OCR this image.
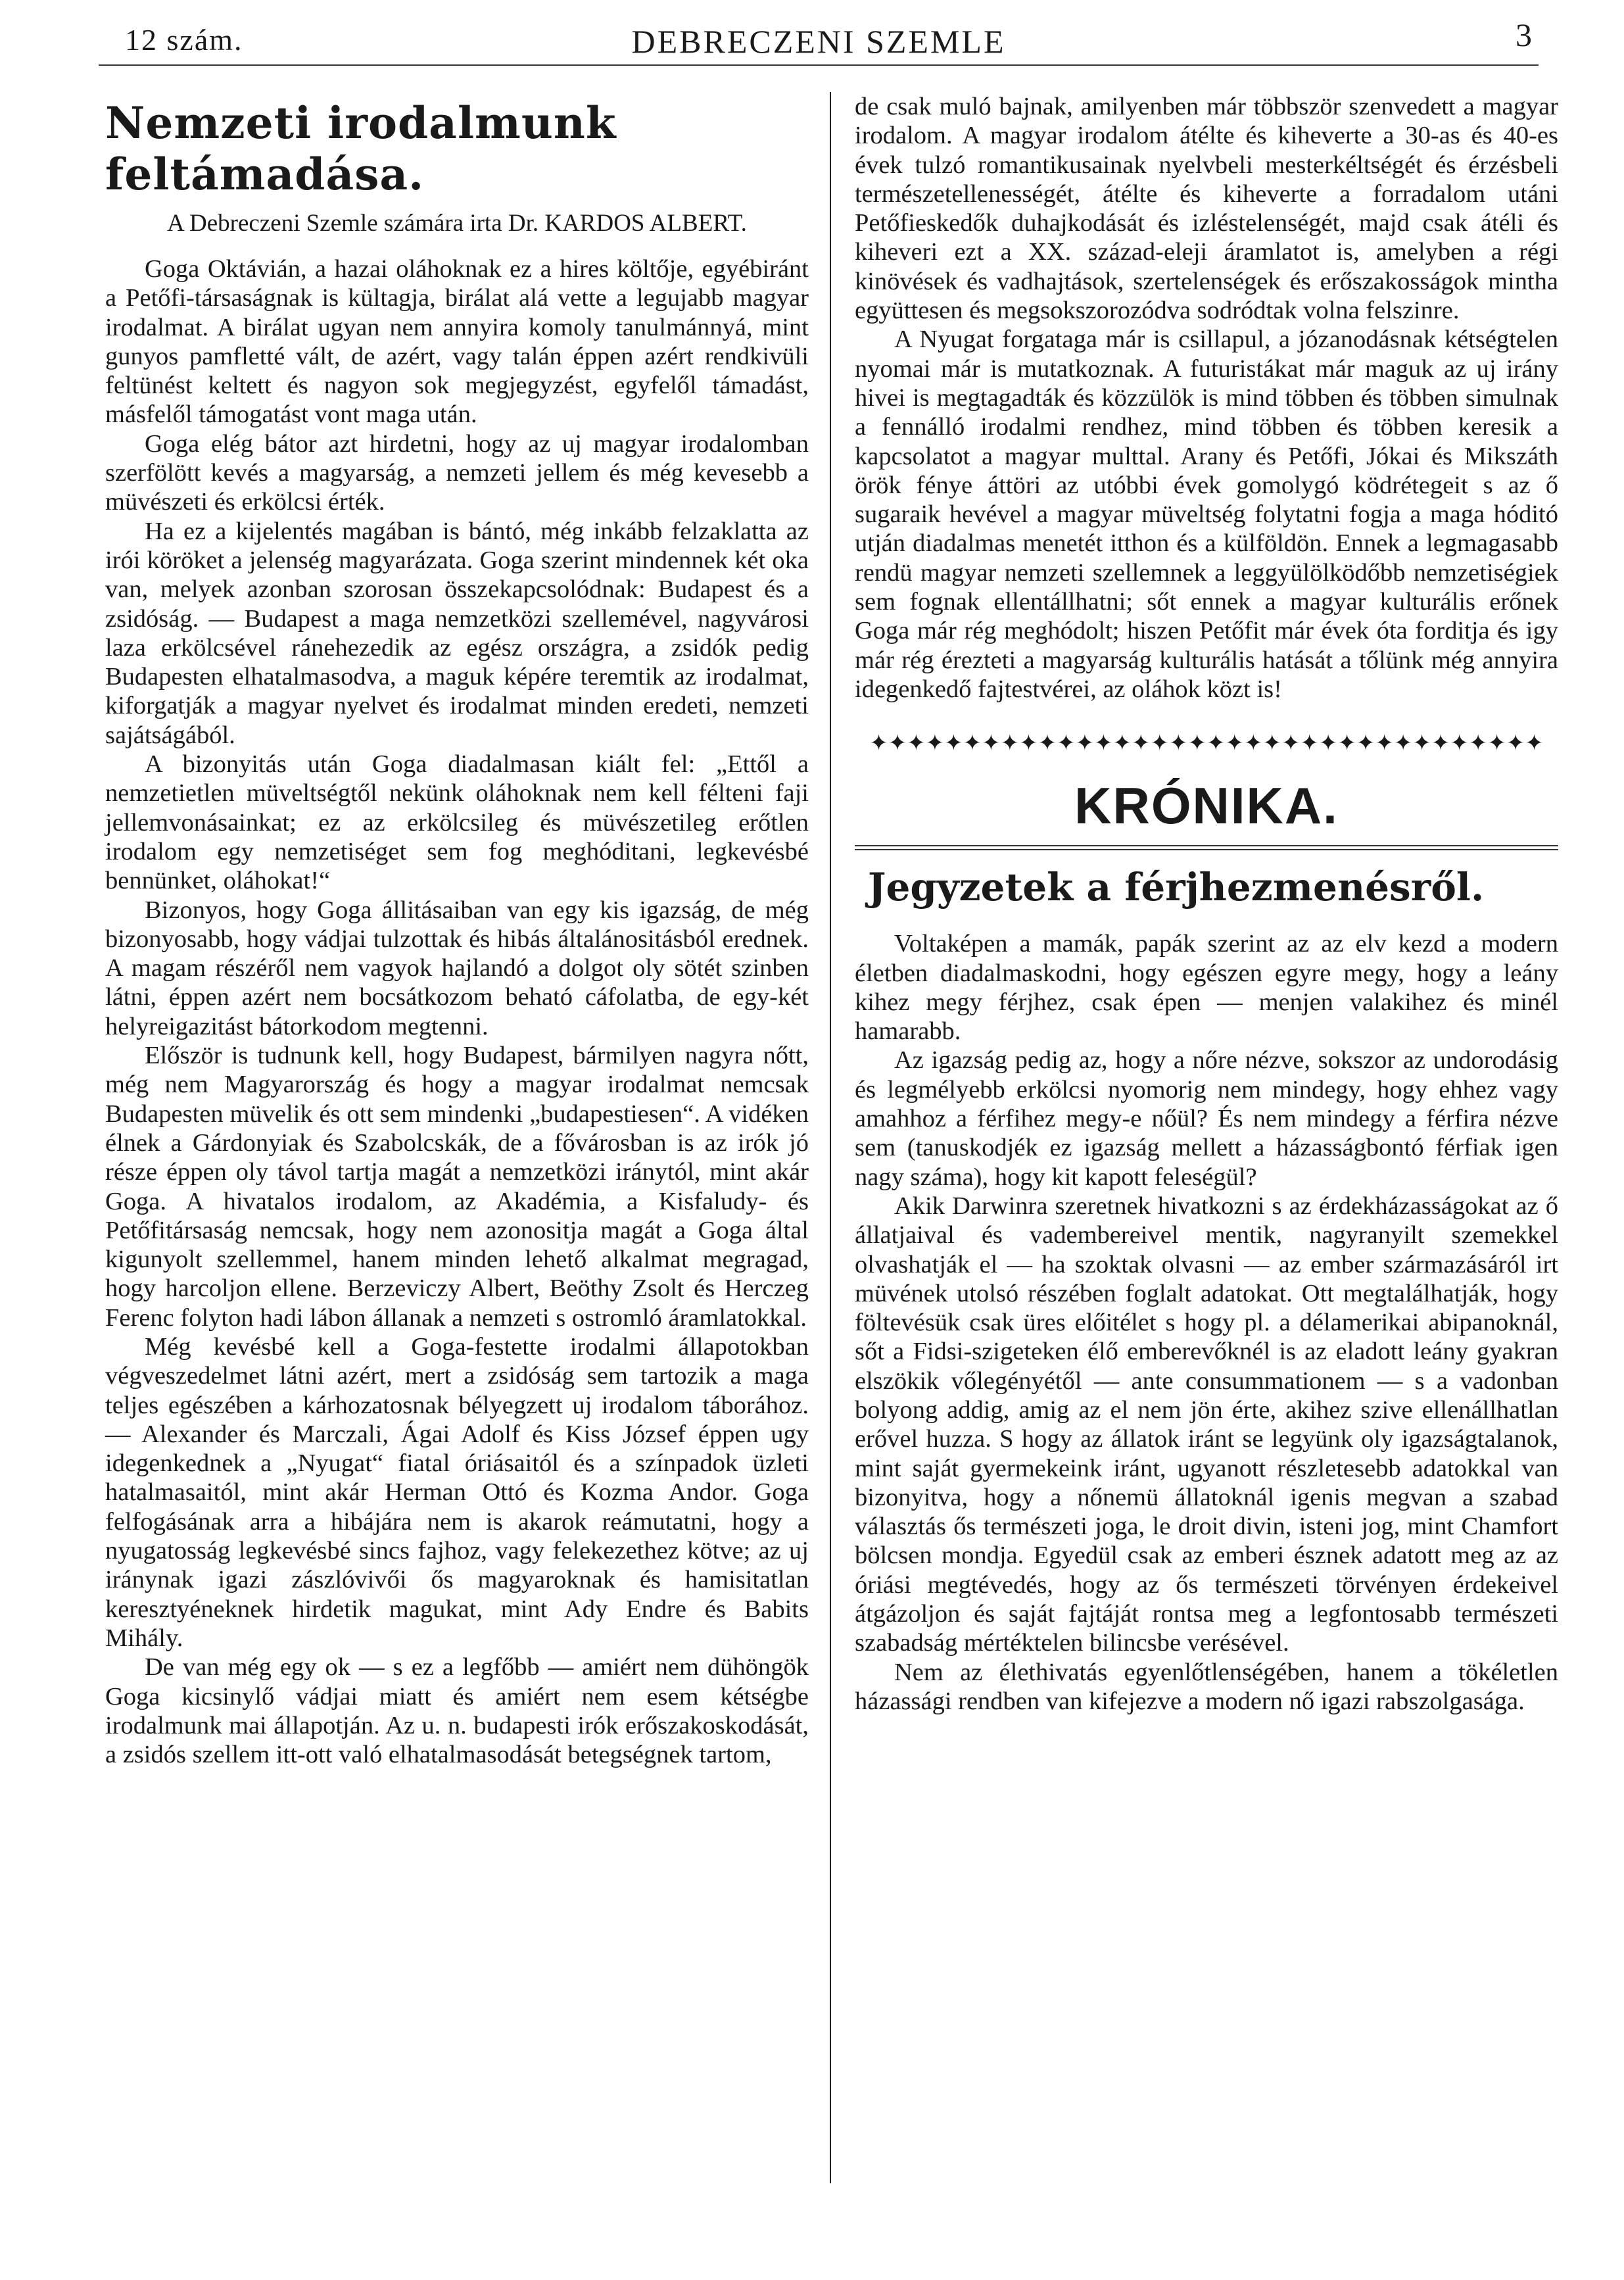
12 szám.	DEBRECZENI SZEMLE	3
Nemzeti irodalmunk feltámadása.
A Debreczeni Szemle számára irta Dr. KARDOS ALBERT.

Goga Oktávián, a hazai oláhoknak ez a hires költője, egyébiránt a Petőfi-társaságnak is kültagja, birálat alá vette a legujabb magyar irodalmat. A birálat ugyan nem annyira komoly tanulmánnyá, mint gunyos pamfletté vált, de azért, vagy talán éppen azért rendkivüli feltünést keltett és nagyon sok megjegyzést, egyfelől támadást, másfelől támogatást vont maga után.

Goga elég bátor azt hirdetni, hogy az uj magyar irodalomban szerfölött kevés a magyarság, a nemzeti jellem és még kevesebb a müvészeti és erkölcsi érték.

Ha ez a kijelentés magában is bántó, még inkább felzaklatta az irói köröket a jelenség magyarázata. Goga szerint mindennek két oka van, melyek azonban szorosan összekapcsolódnak: Budapest és a zsidóság. — Budapest a maga nemzetközi szellemével, nagyvárosi laza erkölcsével ránehezedik az egész országra, a zsidók pedig Budapesten elhatalmasodva, a maguk képére teremtik az irodalmat, kiforgatják a magyar nyelvet és irodalmat minden eredeti, nemzeti sajátságából.

A bizonyitás után Goga diadalmasan kiált fel: „Ettől a nemzetietlen müveltségtől nekünk oláhoknak nem kell félteni faji jellemvonásainkat; ez az erkölcsileg és müvészetileg erőtlen irodalom egy nemzetiséget sem fog meghóditani, legkevésbé bennünket, oláhokat!“

Bizonyos, hogy Goga állitásaiban van egy kis igazság, de még bizonyosabb, hogy vádjai tulzottak és hibás általánositásból erednek. A magam részéről nem vagyok hajlandó a dolgot oly sötét szinben látni, éppen azért nem bocsátkozom beható cáfolatba, de egy-két helyreigazitást bátorkodom megtenni.

Először is tudnunk kell, hogy Budapest, bármilyen nagyra nőtt, még nem Magyarország és hogy a magyar irodalmat nemcsak Budapesten müvelik és ott sem mindenki „budapestiesen“. A vidéken élnek a Gárdonyiak és Szabolcskák, de a fővárosban is az irók jó része éppen oly távol tartja magát a nemzetközi iránytól, mint akár Goga. A hivatalos irodalom, az Akadémia, a Kisfaludy- és Petőfitársaság nemcsak, hogy nem azonositja magát a Goga által kigunyolt szellemmel, hanem minden lehető alkalmat megragad, hogy harcoljon ellene. Berzeviczy Albert, Beöthy Zsolt és Herczeg Ferenc folyton hadi lábon állanak a nemzeti s ostromló áramlatokkal.

Még kevésbé kell a Goga-festette irodalmi állapotokban végveszedelmet látni azért, mert a zsidóság sem tartozik a maga teljes egészében a kárhozatosnak bélyegzett uj irodalom táborához. — Alexander és Marczali, Ágai Adolf és Kiss József éppen ugy idegenkednek a „Nyugat“ fiatal óriásaitól és a színpadok üzleti hatalmasaitól, mint akár Herman Ottó és Kozma Andor. Goga felfogásának arra a hibájára nem is akarok reámutatni, hogy a nyugatosság legkevésbé sincs fajhoz, vagy felekezethez kötve; az uj iránynak igazi zászlóvivői ős magyaroknak és hamisitatlan keresztyéneknek hirdetik magukat, mint Ady Endre és Babits Mihály.

De van még egy ok — s ez a legfőbb — amiért nem dühöngök Goga kicsinylő vádjai miatt és amiért nem esem kétségbe irodalmunk mai állapotján. Az u. n. budapesti irók erőszakoskodását, a zsidós szellem itt-ott való elhatalmasodását betegségnek tartom,

de csak muló bajnak, amilyenben már többször szenvedett a magyar irodalom. A magyar irodalom átélte és kiheverte a 30-as és 40-es évek tulzó romantikusainak nyelvbeli mesterkéltségét és érzésbeli természetellenességét, átélte és kiheverte a forradalom utáni Petőfieskedők duhajkodását és izléstelenségét, majd csak átéli és kiheveri ezt a XX. század-eleji áramlatot is, amelyben a régi kinövések és vadhajtások, szertelenségek és erőszakosságok mintha együttesen és megsokszorozódva sodródtak volna felszinre.

A Nyugat forgataga már is csillapul, a józanodásnak kétségtelen nyomai már is mutatkoznak. A futuristákat már maguk az uj irány hivei is megtagadták és közzülök is mind többen és többen simulnak a fennálló irodalmi rendhez, mind többen és többen keresik a kapcsolatot a magyar multtal. Arany és Petőfi, Jókai és Mikszáth örök fénye áttöri az utóbbi évek gomolygó ködrétegeit s az ő sugaraik hevével a magyar müveltség folytatni fogja a maga hóditó utján diadalmas menetét itthon és a külföldön. Ennek a legmagasabb rendü magyar nemzeti szellemnek a leggyülölködőbb nemzetiségiek sem fognak ellentállhatni; sőt ennek a magyar kulturális erőnek Goga már rég meghódolt; hiszen Petőfit már évek óta forditja és igy már rég érezteti a magyarság kulturális hatását a tőlünk még annyira idegenkedő fajtestvérei, az oláhok közt is!

✦✦✦✦✦✦✦✦✦✦✦✦✦✦✦✦✦✦✦✦✦✦✦✦✦✦✦✦✦✦✦✦✦✦✦✦
KRÓNIKA.
Jegyzetek a férjhezmenésről.

Voltaképen a mamák, papák szerint az az elv kezd a modern életben diadalmaskodni, hogy egészen egyre megy, hogy a leány kihez megy férjhez, csak épen — menjen valakihez és minél hamarabb.

Az igazság pedig az, hogy a nőre nézve, sokszor az undorodásig és legmélyebb erkölcsi nyomorig nem mindegy, hogy ehhez vagy amahhoz a férfihez megy-e nőül? És nem mindegy a férfira nézve sem (tanuskodjék ez igazság mellett a házasságbontó férfiak igen nagy száma), hogy kit kapott feleségül?

Akik Darwinra szeretnek hivatkozni s az érdekházasságokat az ő állatjaival és vadembereivel mentik, nagyranyilt szemekkel olvashatják el — ha szoktak olvasni — az ember származásáról irt müvének utolsó részében foglalt adatokat. Ott megtalálhatják, hogy föltevésük csak üres előitélet s hogy pl. a délamerikai abipanoknál, sőt a Fidsi-szigeteken élő emberevőknél is az eladott leány gyakran elszökik vőlegényétől — ante consummationem — s a vadonban bolyong addig, amig az el nem jön érte, akihez szive ellenállhatlan erővel huzza. S hogy az állatok iránt se legyünk oly igazságtalanok, mint saját gyermekeink iránt, ugyanott részletesebb adatokkal van bizonyitva, hogy a nőnemü állatoknál igenis megvan a szabad választás ős természeti joga, le droit divin, isteni jog, mint Chamfort bölcsen mondja. Egyedül csak az emberi észnek adatott meg az az óriási megtévedés, hogy az ős természeti törvényen érdekeivel átgázoljon és saját fajtáját rontsa meg a legfontosabb természeti szabadság mértéktelen bilincsbe verésével.

Nem az élethivatás egyenlőtlenségében, hanem a tökéletlen házassági rendben van kifejezve a modern nő igazi rabszolgasága.
